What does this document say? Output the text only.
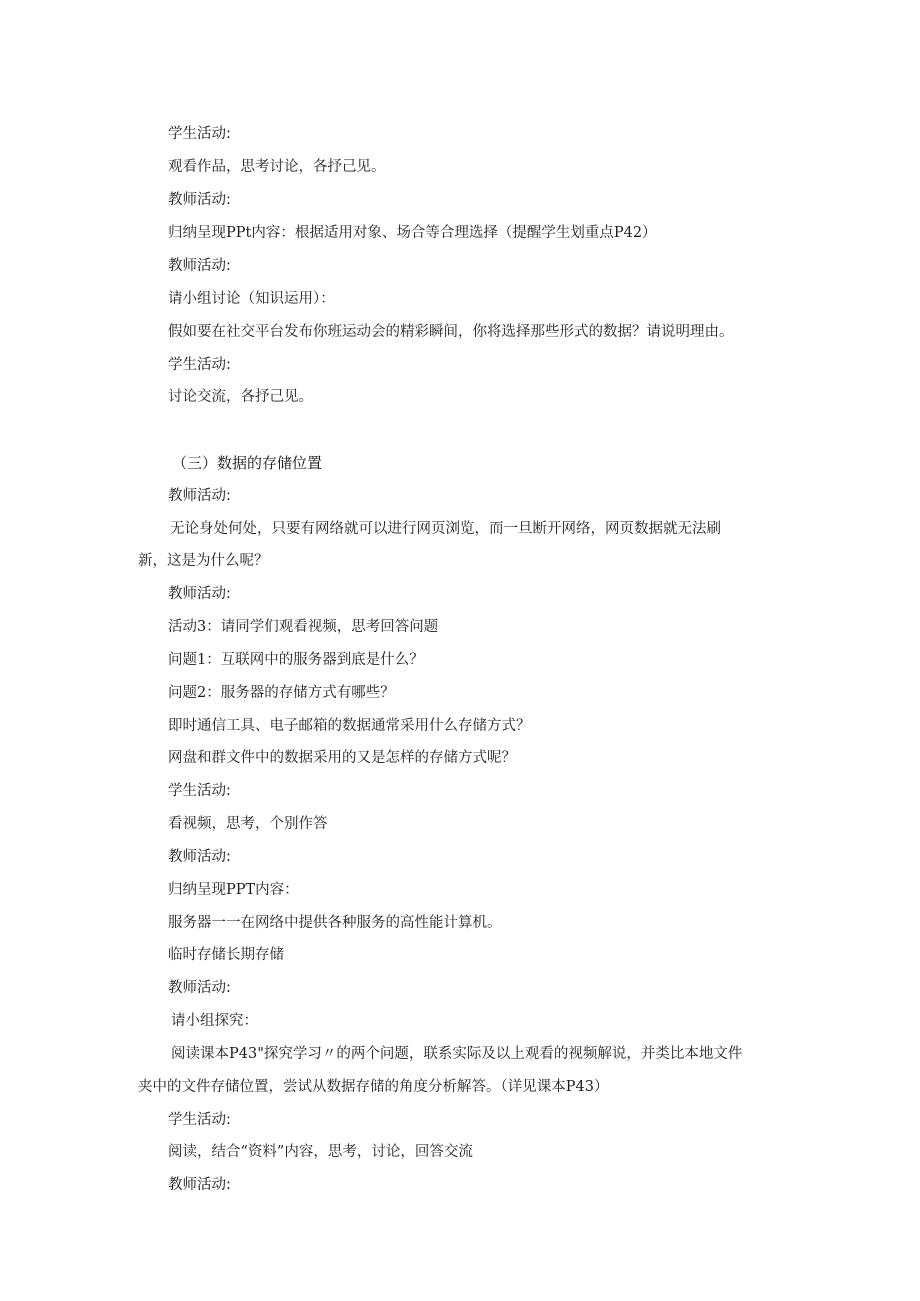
学生活动:
观看作品，思考讨论，各抒己见。
教师活动:
归纳呈现PPt内容：根据适用对象、场合等合理选择（提醒学生划重点P42）
教师活动:
请小组讨论（知识运用）：
假如要在社交平台发布你班运动会的精彩瞬间，你将选择那些形式的数据？请说明理由。
学生活动:
讨论交流，各抒己见。
（三）数据的存储位置
教师活动:
无论身处何处，只要有网络就可以进行网页浏览，而一旦断开网络，网页数据就无法刷
新，这是为什么呢？
教师活动:
活动3：请同学们观看视频，思考回答问题
问题1：互联网中的服务器到底是什么？
问题2：服务器的存储方式有哪些？
即时通信工具、电子邮箱的数据通常采用什么存储方式？
网盘和群文件中的数据采用的又是怎样的存储方式呢？
学生活动:
看视频，思考，个别作答
教师活动:
归纳呈现PPT内容：
服务器一一在网络中提供各种服务的高性能计算机。
临时存储长期存储
教师活动:
请小组探究：
阅读课本P43"探究学习〃的两个问题，联系实际及以上观看的视频解说，并类比本地文件
夹中的文件存储位置，尝试从数据存储的角度分析解答。（详见课本P43）
学生活动:
阅读，结合“资料”内容，思考，讨论，回答交流
教师活动:
